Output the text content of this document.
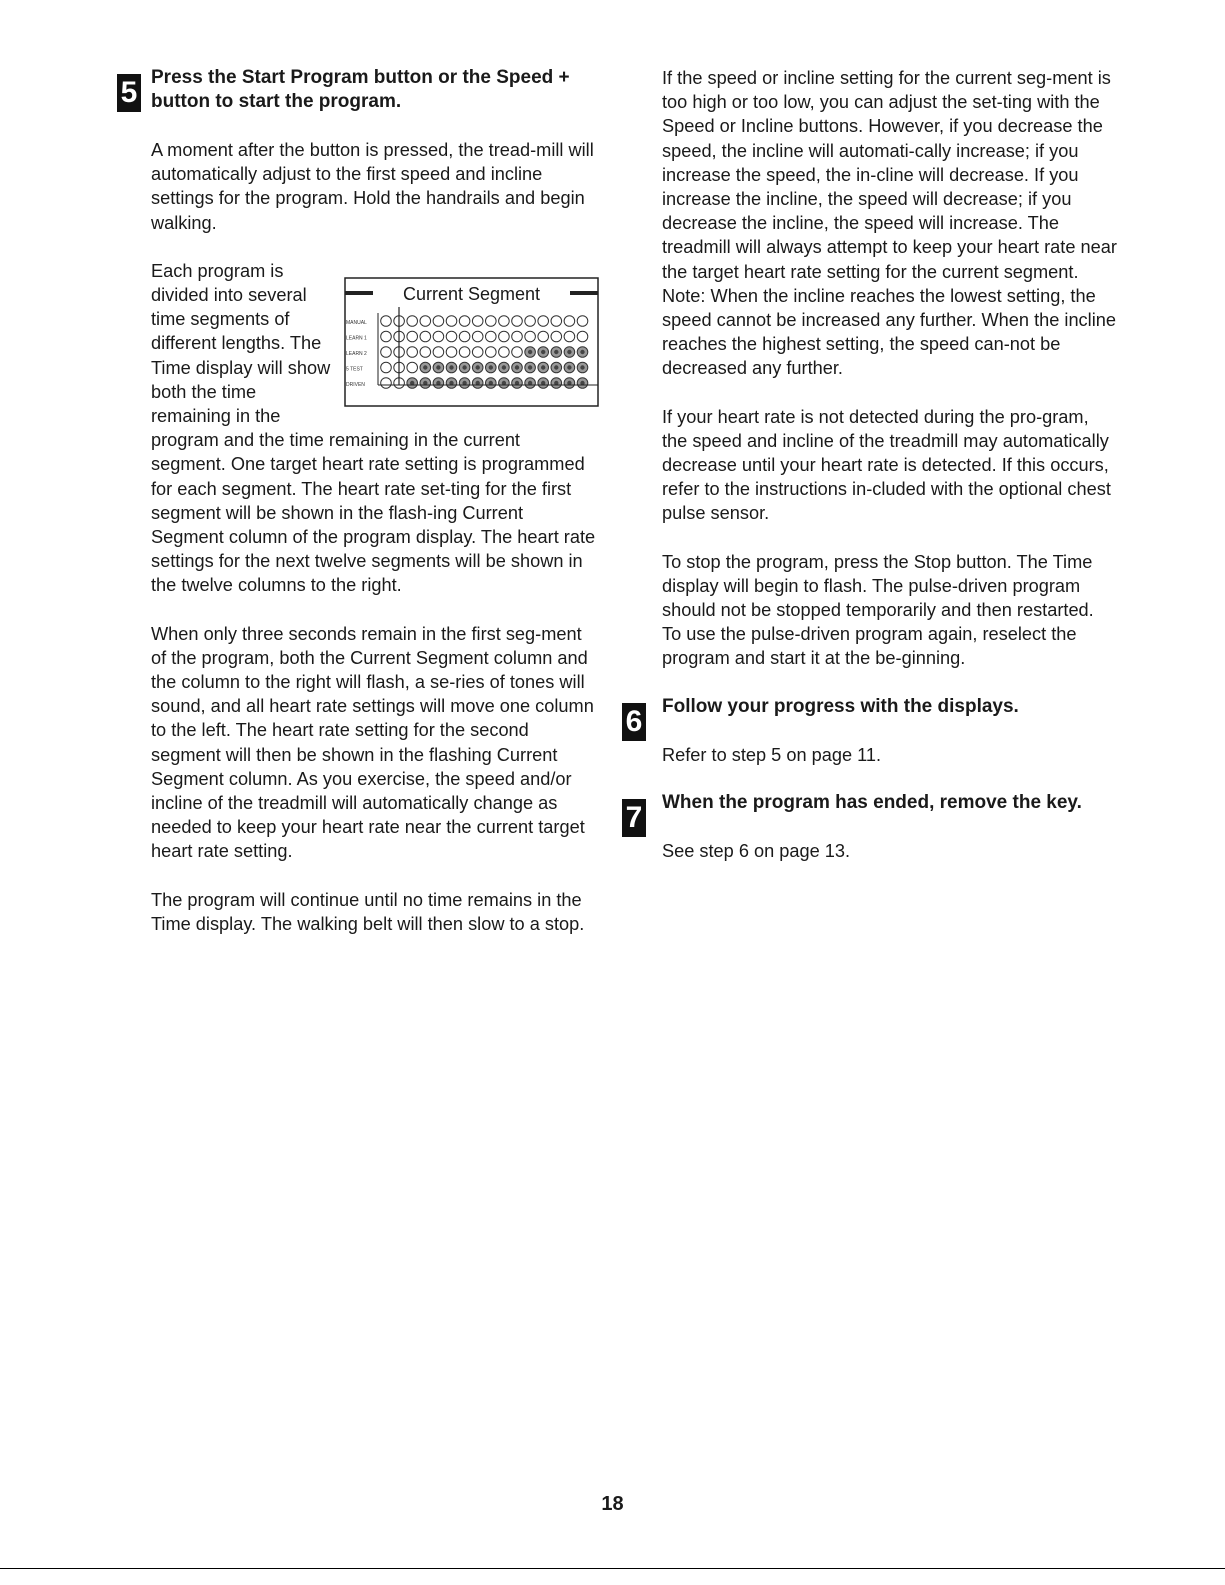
5 Press the Start Program button or the Speed + button to start the program.

A moment after the button is pressed, the tread-mill will automatically adjust to the first speed and incline settings for the program. Hold the handrails and begin walking.

MANUAL
LEARN 1
LEARN 2
5 TEST
DRIVEN
Current Segment

Each program is divided into several time segments of different lengths. The Time display will show both the time remaining in the program and the time remaining in the current segment. One target heart rate setting is programmed for each segment. The heart rate set-ting for the first segment will be shown in the flash-ing Current Segment column of the program display. The heart rate settings for the next twelve segments will be shown in the twelve columns to the right.

When only three seconds remain in the first seg-ment of the program, both the Current Segment column and the column to the right will flash, a se-ries of tones will sound, and all heart rate settings will move one column to the left. The heart rate setting for the second segment will then be shown in the flashing Current Segment column. As you exercise, the speed and/or incline of the treadmill will automatically change as needed to keep your heart rate near the current target heart rate setting.

The program will continue until no time remains in the Time display. The walking belt will then slow to a stop.

If the speed or incline setting for the current seg-ment is too high or too low, you can adjust the set-ting with the Speed or Incline buttons. However, if you decrease the speed, the incline will automati-cally increase; if you increase the speed, the in-cline will decrease. If you increase the incline, the speed will decrease; if you decrease the incline, the speed will increase. The treadmill will always attempt to keep your heart rate near the target heart rate setting for the current segment. Note: When the incline reaches the lowest setting, the speed cannot be increased any further. When the incline reaches the highest setting, the speed can-not be decreased any further.

If your heart rate is not detected during the pro-gram, the speed and incline of the treadmill may automatically decrease until your heart rate is detected. If this occurs, refer to the instructions in-cluded with the optional chest pulse sensor.

To stop the program, press the Stop button. The Time display will begin to flash. The pulse-driven program should not be stopped temporarily and then restarted. To use the pulse-driven program again, reselect the program and start it at the be-ginning.

6 Follow your progress with the displays.

Refer to step 5 on page 11.

7 When the program has ended, remove the key.

See step 6 on page 13.

18
